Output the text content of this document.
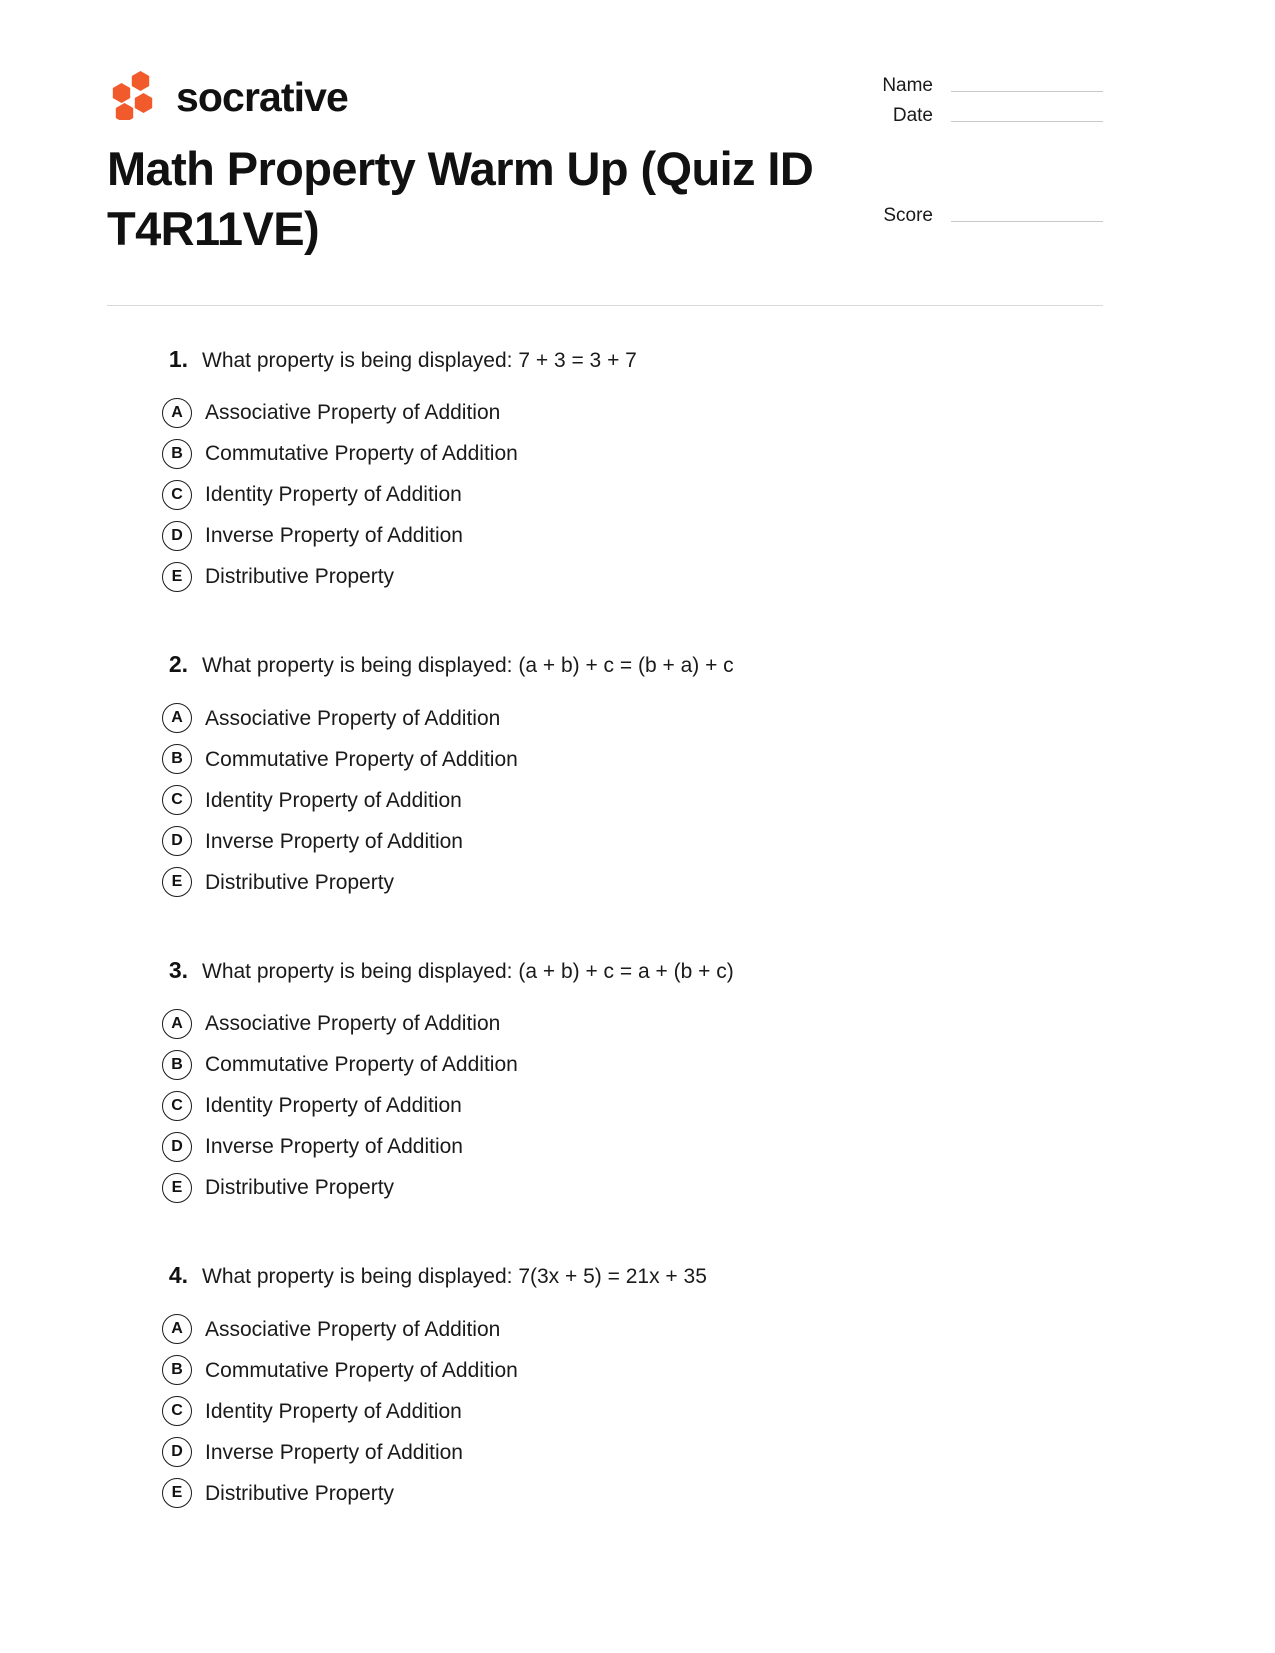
socrative	Name
Date
Score
Math Property Warm Up (Quiz ID T4R11VE)
1. What property is being displayed: 7 + 3 = 3 + 7
A	Associative Property of Addition
B	Commutative Property of Addition
C	Identity Property of Addition
D	Inverse Property of Addition
E	Distributive Property
2. What property is being displayed: (a + b) + c = (b + a) + c
A	Associative Property of Addition
B	Commutative Property of Addition
C	Identity Property of Addition
D	Inverse Property of Addition
E	Distributive Property
3. What property is being displayed: (a + b) + c = a + (b + c)
A	Associative Property of Addition
B	Commutative Property of Addition
C	Identity Property of Addition
D	Inverse Property of Addition
E	Distributive Property
4. What property is being displayed: 7(3x + 5) = 21x + 35
A	Associative Property of Addition
B	Commutative Property of Addition
C	Identity Property of Addition
D	Inverse Property of Addition
E	Distributive Property
